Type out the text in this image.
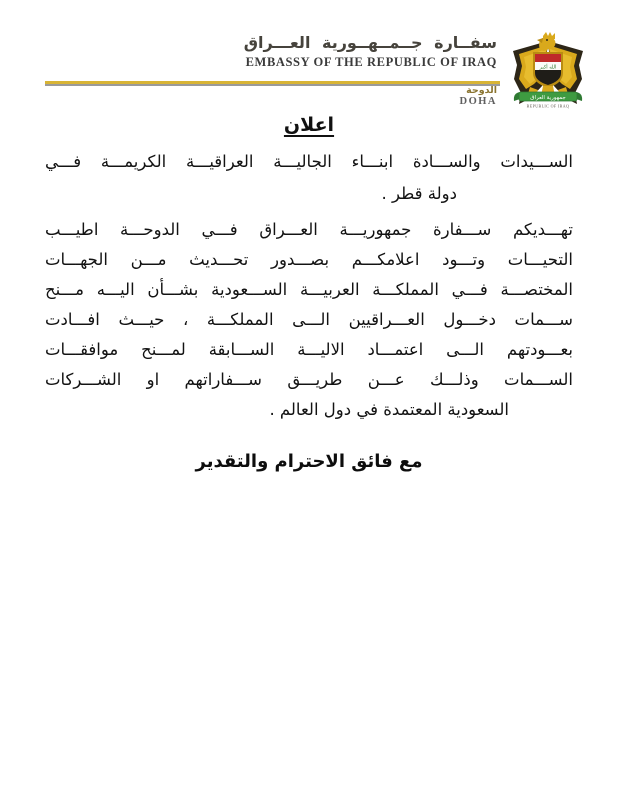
سفــارة جــمــهــورية العـــراق
EMBASSY OF THE REPUBLIC OF IRAQ
الدوحة
DOHA
الله أكبر
جمهورية العراق
REPUBLIC OF IRAQ
اعلان
الســـيدات والســـادة ابنـــاء الجاليـــة العراقيـــة الكريمـــة فـــي
دولة قطر .
تهـــديكم ســـفارة جمهوريـــة العـــراق فـــي الدوحـــة اطيـــب
التحيـــات وتـــود اعلامكـــم بصـــدور تحـــديث مـــن الجهـــات
المختصـــة فـــي المملكـــة العربيـــة الســـعودية بشـــأن اليـــه مـــنح
ســـمات دخـــول العـــراقيين الـــى المملكـــة ، حيـــث افـــادت
بعـــودتهم الـــى اعتمـــاد الاليـــة الســـابقة لمـــنح موافقـــات
الســـمات وذلـــك عـــن طريـــق ســـفاراتهم او الشـــركات
السعودية المعتمدة في دول العالم .
مع فائق الاحترام والتقدير
